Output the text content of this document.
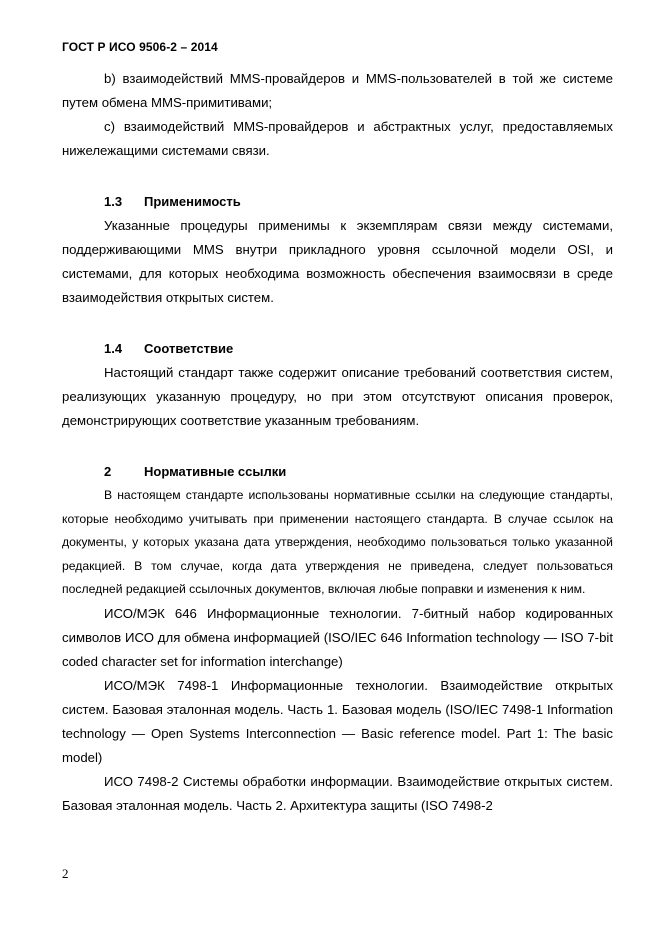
ГОСТ Р ИСО 9506-2 – 2014

b) взаимодействий MMS-провайдеров и MMS-пользователей в той же системе путем обмена MMS-примитивами;

c) взаимодействий MMS-провайдеров и абстрактных услуг, предоставляемых нижележащими системами связи.

1.3 Применимость

Указанные процедуры применимы к экземплярам связи между системами, поддерживающими MMS внутри прикладного уровня ссылочной модели OSI, и системами, для которых необходима возможность обеспечения взаимосвязи в среде взаимодействия открытых систем.

1.4 Соответствие

Настоящий стандарт также содержит описание требований соответствия систем, реализующих указанную процедуру, но при этом отсутствуют описания проверок, демонстрирующих соответствие указанным требованиям.

2	Нормативные ссылки

В настоящем стандарте использованы нормативные ссылки на следующие стандарты, которые необходимо учитывать при применении настоящего стандарта. В случае ссылок на документы, у которых указана дата утверждения, необходимо пользоваться только указанной редакцией. В том случае, когда дата утверждения не приведена, следует пользоваться последней редакцией ссылочных документов, включая любые поправки и изменения к ним.

ИСО/МЭК 646 Информационные технологии. 7-битный набор кодированных символов ИСО для обмена информацией (ISO/IEC 646 Information technology — ISO 7-bit coded character set for information interchange)

ИСО/МЭК 7498-1 Информационные технологии. Взаимодействие открытых систем. Базовая эталонная модель. Часть 1. Базовая модель (ISO/IEC 7498-1 Information technology — Open Systems Interconnection — Basic reference model. Part 1: The basic model)

ИСО 7498-2 Системы обработки информации. Взаимодействие открытых систем. Базовая эталонная модель. Часть 2. Архитектура защиты (ISO 7498-2

2
